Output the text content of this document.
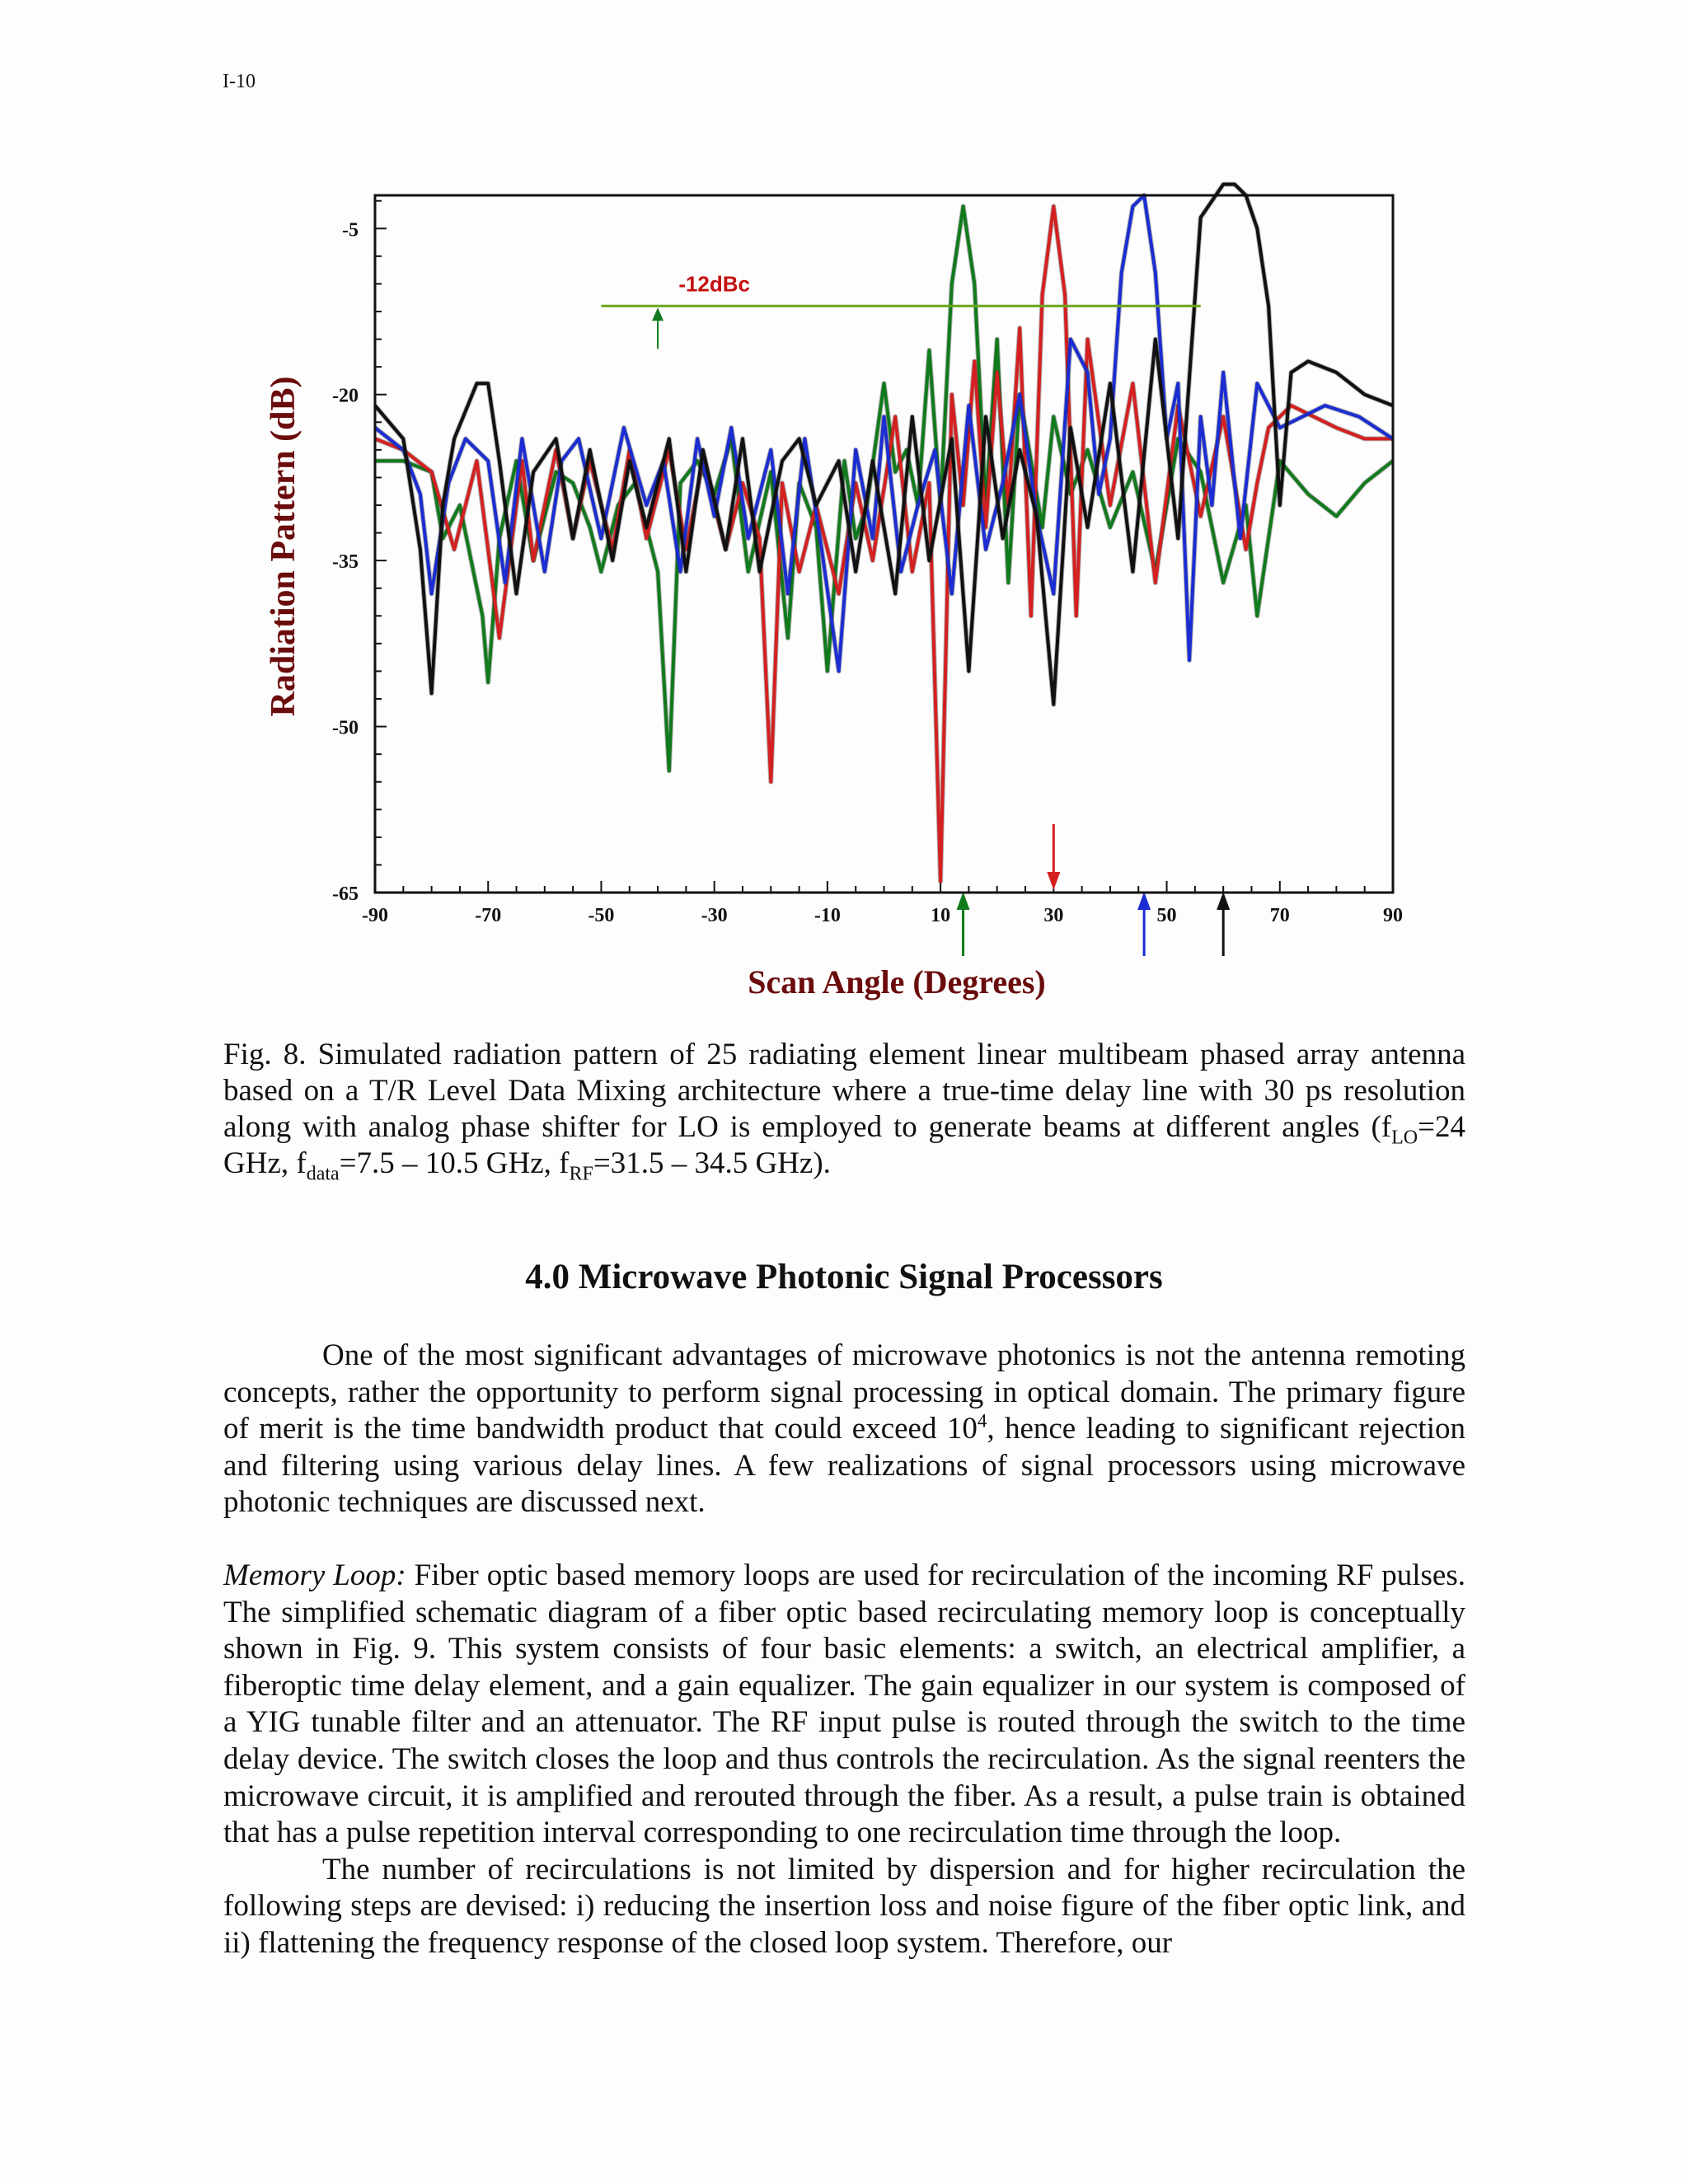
I-10
-5
-20
-35
-50
-65
-90	-70	-50	-30	-10	10	30	50	70	90
-12dBc
Radiation Pattern (dB)
Scan Angle (Degrees)
Fig. 8. Simulated radiation pattern of 25 radiating element linear multibeam phased array antenna based on a T/R Level Data Mixing architecture where a true-time delay line with 30 ps resolution along with analog phase shifter for LO is employed to generate beams at different angles ($f_{LO}=24$ GHz, $f_{data}=7.5 - 10.5$ GHz, $f_{RF}=31.5 - 34.5$ GHz).
4.0 Microwave Photonic Signal Processors

One of the most significant advantages of microwave photonics is not the antenna remoting concepts, rather the opportunity to perform signal processing in optical domain. The primary figure of merit is the time bandwidth product that could exceed $10^4$, hence leading to significant rejection and filtering using various delay lines. A few realizations of signal processors using microwave photonic techniques are discussed next.

Memory Loop: Fiber optic based memory loops are used for recirculation of the incoming RF pulses. The simplified schematic diagram of a fiber optic based recirculating memory loop is conceptually shown in Fig. 9. This system consists of four basic elements: a switch, an electrical amplifier, a fiberoptic time delay element, and a gain equalizer. The gain equalizer in our system is composed of a YIG tunable filter and an attenuator. The RF input pulse is routed through the switch to the time delay device. The switch closes the loop and thus controls the recirculation. As the signal reenters the microwave circuit, it is amplified and rerouted through the fiber. As a result, a pulse train is obtained that has a pulse repetition interval corresponding to one recirculation time through the loop.

The number of recirculations is not limited by dispersion and for higher recirculation the following steps are devised: i) reducing the insertion loss and noise figure of the fiber optic link, and ii) flattening the frequency response of the closed loop system. Therefore, our
